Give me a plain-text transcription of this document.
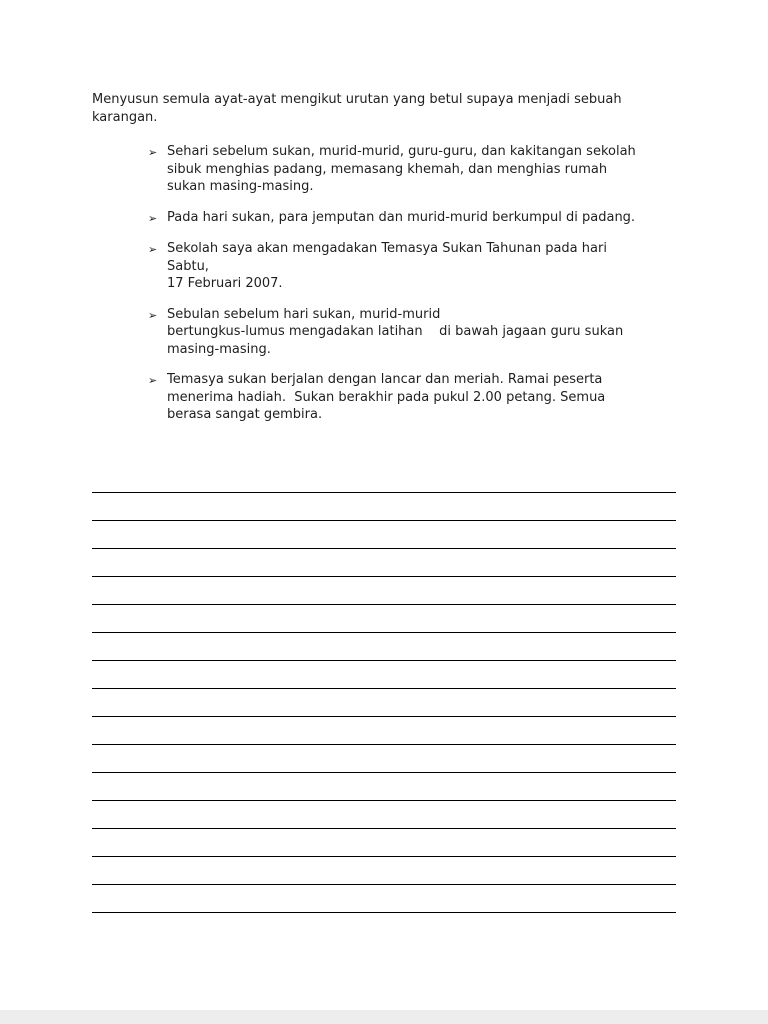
Menyusun semula ayat-ayat mengikut urutan yang betul supaya menjadi sebuah
karangan.

➢ Sehari sebelum sukan, murid-murid, guru-guru, dan kakitangan sekolah
sibuk menghias padang, memasang khemah, dan menghias rumah
sukan masing-masing.
➢ Pada hari sukan, para jemputan dan murid-murid berkumpul di padang.
➢ Sekolah saya akan mengadakan Temasya Sukan Tahunan pada hari
Sabtu,
17 Februari 2007.
➢ Sebulan sebelum hari sukan, murid-murid
bertungkus-lumus mengadakan latihan    di bawah jagaan guru sukan
masing-masing.
➢ Temasya sukan berjalan dengan lancar dan meriah. Ramai peserta
menerima hadiah.  Sukan berakhir pada pukul 2.00 petang. Semua
berasa sangat gembira.
